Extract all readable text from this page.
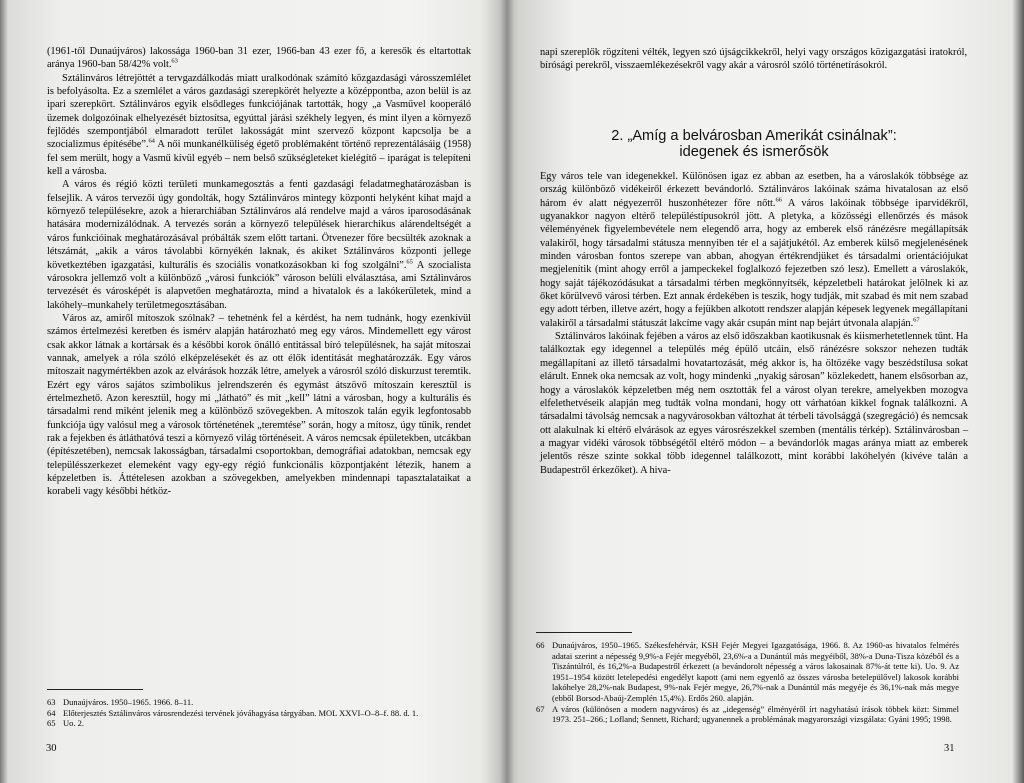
(1961-től Dunaújváros) lakossága 1960-ban 31 ezer, 1966-ban 43 ezer fő, a keresők és eltartottak aránya 1960-ban 58/42% volt.$^{63}$

Sztálinváros létrejöttét a tervgazdálkodás miatt uralkodónak számító közgazdasági városszemlélet is befolyásolta. Ez a szemlélet a város gazdasági szerepkörét helyezte a középpontba, azon belül is az ipari szerepkört. Sztálinváros egyik elsődleges funkciójának tartották, hogy „a Vasművel kooperáló üzemek dolgozóinak elhelyezését biztosítsa, egyúttal járási székhely legyen, és mint ilyen a környező fejlődés szempontjából elmaradott terület lakosságát mint szervező központ kapcsolja be a szocializmus építésébe”.$^{64}$ A női munkanélküliség égető problémaként történő reprezentálásáig (1958) fel sem merült, hogy a Vasmű kívül egyéb – nem belső szükségleteket kielégítő – iparágat is telepíteni kell a városba.

A város és régió közti területi munkamegosztás a fenti gazdasági feladatmeghatározásban is felsejlik. A város tervezői úgy gondolták, hogy Sztálinváros mintegy központi helyként kihat majd a környező településekre, azok a hierarchiában Sztálinváros alá rendelve majd a város iparosodásának hatására modernizálódnak. A tervezés során a környező települések hierarchikus alárendeltségét a város funkcióinak meghatározásával próbálták szem előtt tartani. Ötvenezer főre becsülték azoknak a létszámát, „akik a város távolabbi környékén laknak, és akiket Sztálinváros központi jellege következtében igazgatási, kulturális és szociális vonatkozásokban ki fog szolgálni”.$^{65}$ A szocialista városokra jellemző volt a különböző „városi funkciók” városon belüli elválasztása, ami Sztálinváros tervezését és városképét is alapvetően meghatározta, mind a hivatalok és a lakókerületek, mind a lakóhely–munkahely területmegosztásában.

Város az, amiről mítoszok szólnak? – tehetnénk fel a kérdést, ha nem tudnánk, hogy ezenkívül számos értelmezési keretben és ismérv alapján határozható meg egy város. Mindemellett egy várost csak akkor látnak a kortársak és a későbbi korok önálló entitással bíró településnek, ha saját mítoszai vannak, amelyek a róla szóló elképzelésekét és az ott élők identitását meghatározzák. Egy város mítoszait nagymértékben azok az elvárások hozzák létre, amelyek a városról szóló diskurzust teremtik. Ezért egy város sajátos szimbolikus jelrendszerén és egymást átszövő mítoszain keresztül is értelmezhető. Azon keresztül, hogy mi „látható” és mit „kell” látni a városban, hogy a kulturális és társadalmi rend miként jelenik meg a különböző szövegekben. A mítoszok talán egyik legfontosabb funkciója úgy valósul meg a városok történetének „teremtése” során, hogy a mítosz, úgy tűnik, rendet rak a fejekben és átláthatóvá teszi a környező világ történéseit. A város nemcsak épületekben, utcákban (építészetében), nemcsak lakosságban, társadalmi csoportokban, demográfiai adatokban, nemcsak egy településszerkezet elemeként vagy egy-egy régió funkcionális központjaként létezik, hanem a képzeletben is. Áttételesen azokban a szövegekben, amelyekben mindennapi tapasztalataikat a korabeli vagy későbbi hétköz-

63 Dunaújváros. 1950–1965. 1966. 8–11.
64 Előterjesztés Sztálinváros városrendezési tervének jóváhagyása tárgyában. MOL XXVI–O–8–f. 88. d. 1.
65 Uo. 2.
30

napi szereplők rögzíteni vélték, legyen szó újságcikkekről, helyi vagy országos közigazgatási iratokról, bírósági perekről, visszaemlékezésekről vagy akár a városról szóló történetírásokról.

2. „Amíg a belvárosban Amerikát csinálnak”: idegenek és ismerősök

Egy város tele van idegenekkel. Különösen igaz ez abban az esetben, ha a városlakók többsége az ország különböző vidékeiről érkezett bevándorló. Sztálinváros lakóinak száma hivatalosan az első három év alatt négyezerről huszonhétezer főre nőtt.$^{66}$ A város lakóinak többsége iparvidékről, ugyanakkor nagyon eltérő településtípusokról jött. A pletyka, a közösségi ellenőrzés és mások véleményének figyelembevétele nem elegendő arra, hogy az emberek első ránézésre megállapítsák valakiről, hogy társadalmi státusza mennyiben tér el a sajátjukétól. Az emberek külső megjelenésének minden városban fontos szerepe van abban, ahogyan értékrendjüket és társadalmi orientációjukat megjelenítik (mint ahogy erről a jampeckekel foglalkozó fejezetben szó lesz). Emellett a városlakók, hogy saját tájékozódásukat a társadalmi térben megkönnyítsék, képzeletbeli határokat jelölnek ki az őket körülvevő városi térben. Ezt annak érdekében is teszik, hogy tudják, mit szabad és mit nem szabad egy adott térben, illetve azért, hogy a fejükben alkotott rendszer alapján képesek legyenek megállapítani valakiről a társadalmi státuszát lakcíme vagy akár csupán mint nap bejárt útvonala alapján.$^{67}$

Sztálinváros lakóinak fejében a város az első időszakban kaotikusnak és kiismerhetetlennek tűnt. Ha találkoztak egy idegennel a település még épülő utcáin, első ránézésre sokszor nehezen tudták megállapítani az illető társadalmi hovatartozását, még akkor is, ha öltözéke vagy beszédstílusa sokat elárult. Ennek oka nemcsak az volt, hogy mindenki „nyakig sárosan” közlekedett, hanem elsősorban az, hogy a városlakók képzeletben még nem osztották fel a várost olyan terekre, amelyekben mozogva elfelethetvéseik alapján meg tudták volna mondani, hogy ott várhatóan kikkel fognak találkozni. A társadalmi távolság nemcsak a nagyvárosokban változhat át térbeli távolsággá (szegregáció) és nemcsak ott alakulnak ki eltérő elvárások az egyes városrészekkel szemben (mentális térkép). Sztálinvárosban – a magyar vidéki városok többségétől eltérő módon – a bevándorlók magas aránya miatt az emberek jelentős része szinte sokkal több idegennel találkozott, mint korábbi lakóhelyén (kivéve talán a Budapestről érkezőket). A hiva-

66 Dunaújváros, 1950–1965. Székesfehérvár, KSH Fejér Megyei Igazgatósága, 1966. 8. Az 1960-as hivatalos felmérés adatai szerint a népesség 9,9%-a Fejér megyéből, 23,6%-a a Dunántúl más megyéiből, 38%-a Duna-Tisza közéből és a Tiszántúlról, és 16,2%-a Budapestről érkezett (a bevándorolt népesség a város lakosainak 87%-át tette ki). Uo. 9. Az 1951–1954 között letelepedési engedélyt kapott (ami nem egyenlő az összes városba betelepülővel) lakosok korábbi lakóhelye 28,2%-nak Budapest, 9%-nak Fejér megye, 26,7%-nak a Dunántúl más megyéje és 36,1%-nak más megye (ebből Borsod-Abaúj-Zemplén 15,4%). Erdős 260. alapján.
67 A város (különösen a modern nagyváros) és az „idegenség” élményéről írt nagyhatású írások többek közt: Simmel 1973. 251–266.; Lofland; Sennett, Richard; ugyanennek a problémának magyarországi vizsgálata: Gyáni 1995; 1998.
31
